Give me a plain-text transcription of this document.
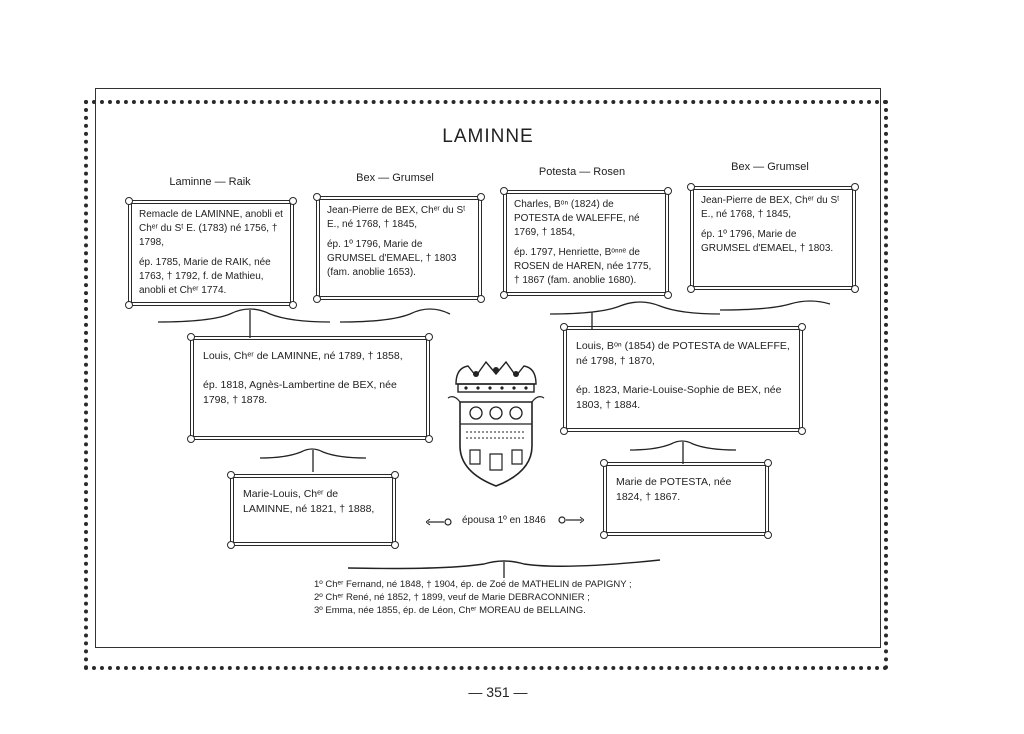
LAMINNE
Laminne — Raik	Bex — Grumsel	Potesta — Rosen	Bex — Grumsel

Remacle de LAMINNE, anobli et Chᵉʳ du Sᵗ E. (1783) né 1756, † 1798,

ép. 1785, Marie de RAIK, née 1763, † 1792, f. de Mathieu, anobli et Chᵉʳ 1774.

Jean-Pierre de BEX, Chᵉʳ du Sᵗ E., né 1768, † 1845,

ép. 1º 1796, Marie de GRUMSEL d'EMAEL, † 1803 (fam. anoblie 1653).

Charles, Bᵒⁿ (1824) de POTESTA de WALEFFE, né 1769, † 1854,

ép. 1797, Henriette, Bᵒⁿⁿᵉ de ROSEN de HAREN, née 1775, † 1867 (fam. anoblie 1680).

Jean-Pierre de BEX, Chᵉʳ du Sᵗ E., né 1768, † 1845,

ép. 1º 1796, Marie de GRUMSEL d'EMAEL, † 1803.

Louis, Chᵉʳ de LAMINNE, né 1789, † 1858,

ép. 1818, Agnès-Lambertine de BEX, née 1798, † 1878.

Louis, Bᵒⁿ (1854) de POTESTA de WALEFFE, né 1798, † 1870,

ép. 1823, Marie-Louise-Sophie de BEX, née 1803, † 1884.

Marie-Louis, Chᵉʳ de LAMINNE, né 1821, † 1888,

Marie de POTESTA, née 1824, † 1867.

épousa 1º en 1846
1º Chᵉʳ Fernand, né 1848, † 1904, ép. de Zoé de MATHELIN de PAPIGNY ;
2º Chᵉʳ René, né 1852, † 1899, veuf de Marie DEBRACONNIER ;
3º Emma, née 1855, ép. de Léon, Chᵉʳ MOREAU de BELLAING.
— 351 —
